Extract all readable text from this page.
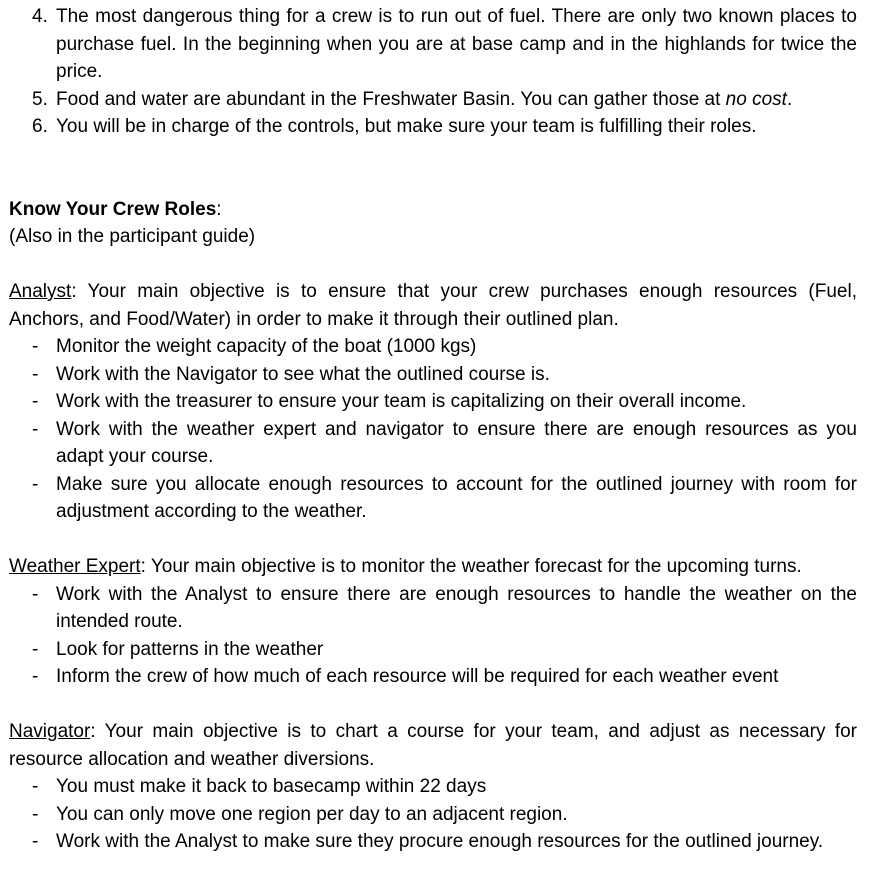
4. The most dangerous thing for a crew is to run out of fuel. There are only two known places to purchase fuel. In the beginning when you are at base camp and in the highlands for twice the price.
5. Food and water are abundant in the Freshwater Basin. You can gather those at no cost.
6. You will be in charge of the controls, but make sure your team is fulfilling their roles.
Know Your Crew Roles:
(Also in the participant guide)

Analyst: Your main objective is to ensure that your crew purchases enough resources (Fuel, Anchors, and Food/Water) in order to make it through their outlined plan.

- Monitor the weight capacity of the boat (1000 kgs)
- Work with the Navigator to see what the outlined course is.
- Work with the treasurer to ensure your team is capitalizing on their overall income.
- Work with the weather expert and navigator to ensure there are enough resources as you adapt your course.
- Make sure you allocate enough resources to account for the outlined journey with room for adjustment according to the weather.

Weather Expert: Your main objective is to monitor the weather forecast for the upcoming turns.

- Work with the Analyst to ensure there are enough resources to handle the weather on the intended route.
- Look for patterns in the weather
- Inform the crew of how much of each resource will be required for each weather event

Navigator: Your main objective is to chart a course for your team, and adjust as necessary for resource allocation and weather diversions.

- You must make it back to basecamp within 22 days
- You can only move one region per day to an adjacent region.
- Work with the Analyst to make sure they procure enough resources for the outlined journey.
